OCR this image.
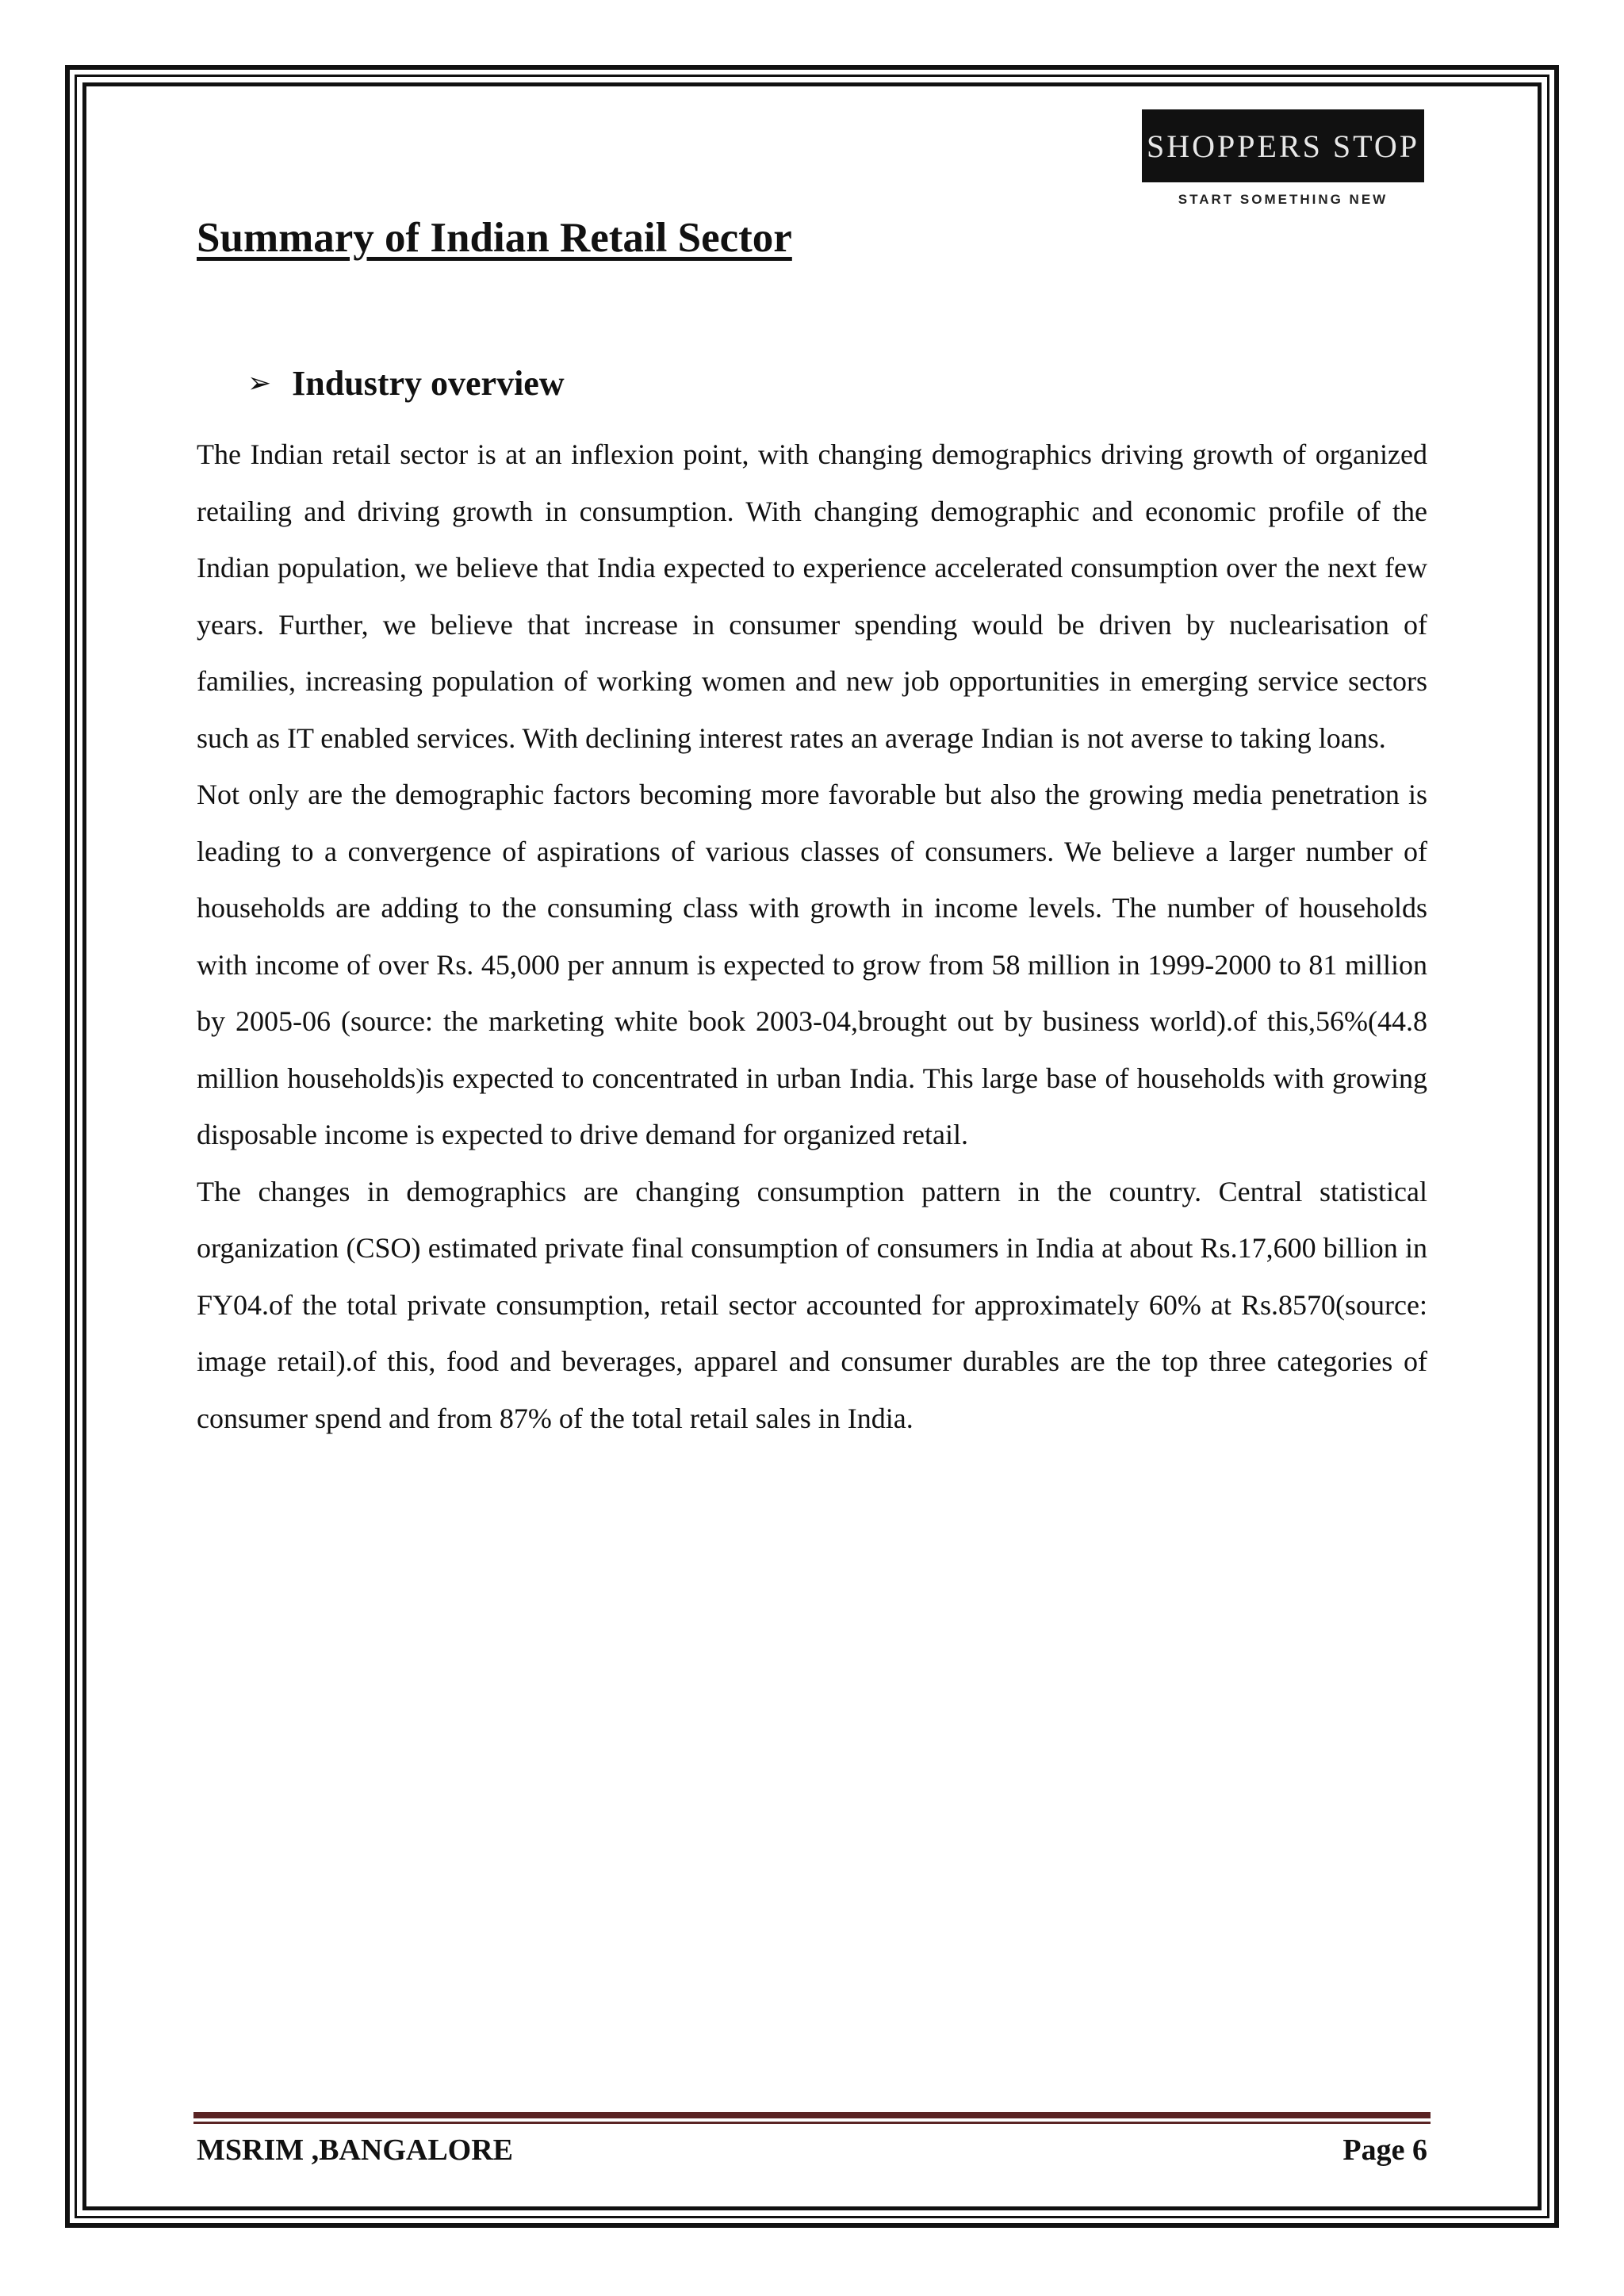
SHOPPERS STOP
START SOMETHING NEW
Summary of Indian Retail Sector
➢ Industry overview

The Indian retail sector is at an inflexion point, with changing demographics driving growth of organized retailing and driving growth in consumption. With changing demographic and economic profile of the Indian population, we believe that India expected to experience accelerated consumption over the next few years. Further, we believe that increase in consumer spending would be driven by nuclearisation of families, increasing population of working women and new job opportunities in emerging service sectors such as IT enabled services. With declining interest rates an average Indian is not averse to taking loans.

Not only are the demographic factors becoming more favorable but also the growing media penetration is leading to a convergence of aspirations of various classes of consumers. We believe a larger number of households are adding to the consuming class with growth in income levels. The number of households with income of over Rs. 45,000 per annum is expected to grow from 58 million in 1999-2000 to 81 million by 2005-06 (source: the marketing white book 2003-04,brought out by business world).of this,56%(44.8 million households)is expected to concentrated in urban India. This large base of households with growing disposable income is expected to drive demand for organized retail.

The changes in demographics are changing consumption pattern in the country. Central statistical organization (CSO) estimated private final consumption of consumers in India at about Rs.17,600 billion in FY04.of the total private consumption, retail sector accounted for approximately 60% at Rs.8570(source: image retail).of this, food and beverages, apparel and consumer durables are the top three categories of consumer spend and from 87% of the total retail sales in India.

MSRIM ,BANGALORE	Page 6
